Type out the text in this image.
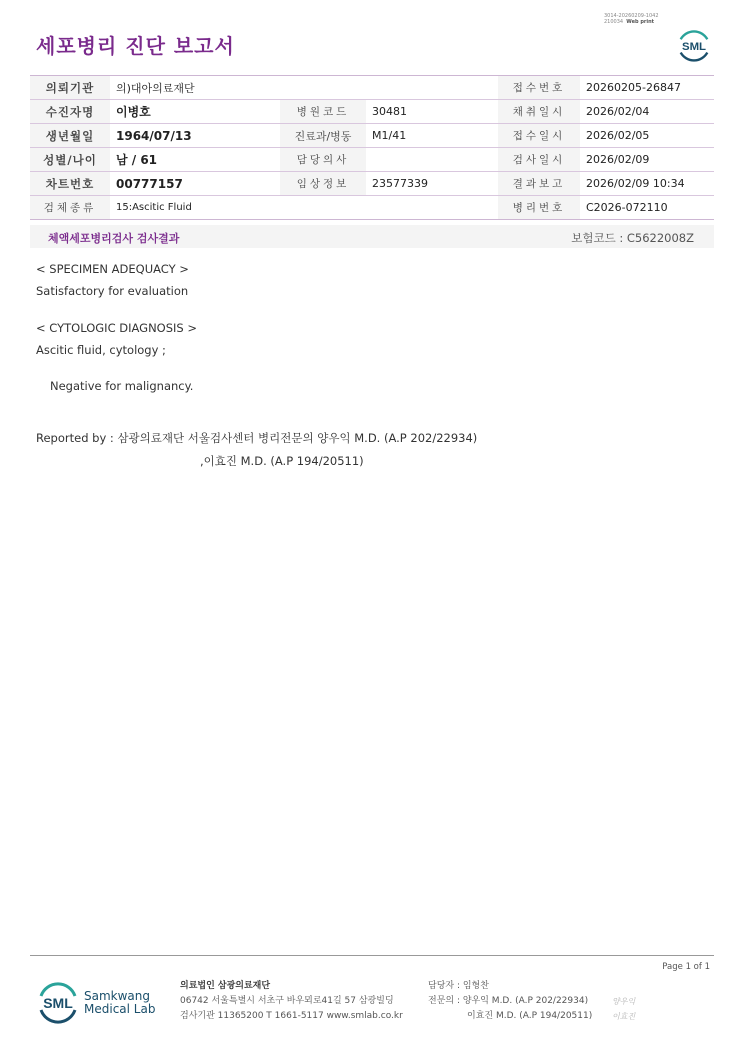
세포병리 진단 보고서
3014-20260209-1042
210034 Web print
SML
의뢰기관	의)대아의료재단			접수번호	20260205-26847
수진자명	이병호	병원코드	30481	채취일시	2026/02/04
생년월일	1964/07/13	진료과/병동	M1/41	접수일시	2026/02/05
성별/나이	남 / 61	담당의사		검사일시	2026/02/09
차트번호	00777157	임상정보	23577339	결과보고	2026/02/09 10:34
검체종류	15:Ascitic Fluid			병리번호	C2026-072110
체액세포병리검사 검사결과	보험코드 : C5622008Z
< SPECIMEN ADEQUACY >
Satisfactory for evaluation
< CYTOLOGIC DIAGNOSIS >
Ascitic fluid, cytology ;
Negative for malignancy.
Reported by : 삼광의료재단 서울검사센터 병리전문의 양우익 M.D. (A.P 202/22934)
,이효진 M.D. (A.P 194/20511)
Page 1 of 1
SML Samkwang
Medical Lab
의료법인 삼광의료재단
06742 서울특별시 서초구 바우뫼로41길 57 삼광빌딩
검사기관 11365200 T 1661-5117 www.smlab.co.kr
담당자 : 임형찬
전문의 : 양우익 M.D. (A.P 202/22934)
이효진 M.D. (A.P 194/20511)
양우익
이효진
